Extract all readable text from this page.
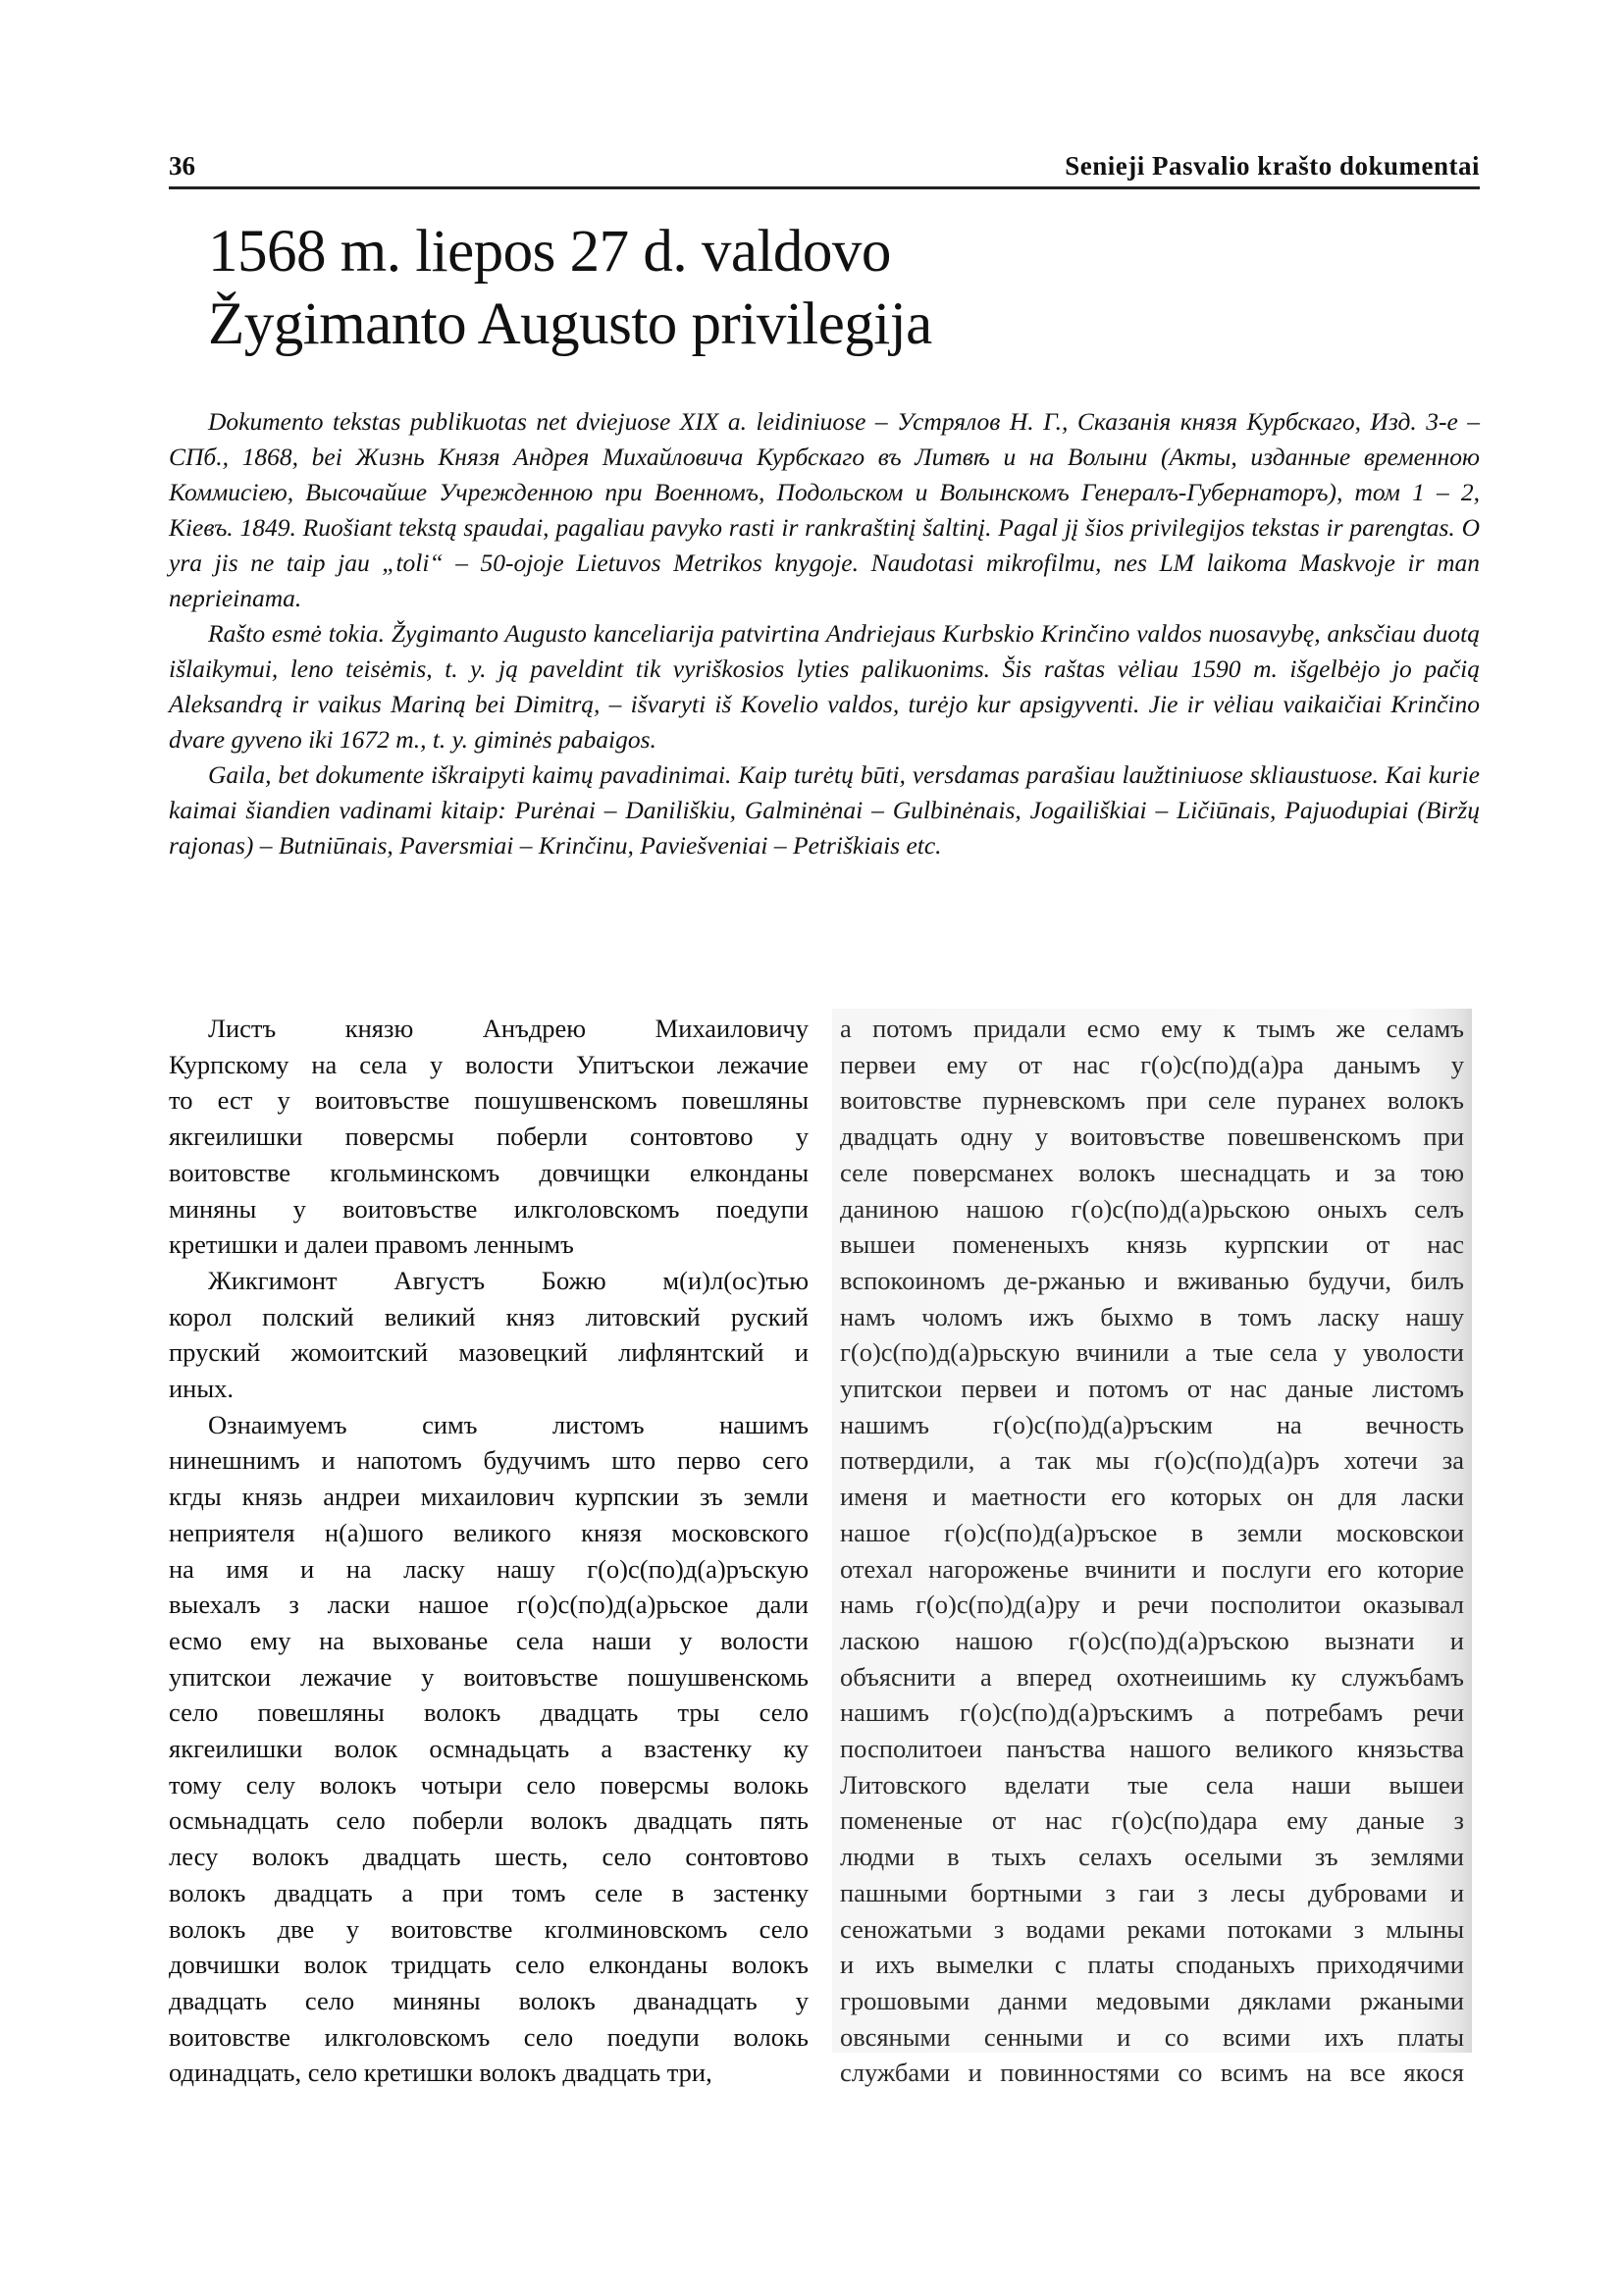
36	Senieji Pasvalio krašto dokumentai
1568 m. liepos 27 d. valdovo
Žygimanto Augusto privilegija

Dokumento tekstas publikuotas net dviejuose XIX a. leidiniuose – Устрялов Н. Г., Сказанія князя Курбскаго, Изд. 3-е – СПб., 1868, bei Жизнь Князя Андрея Михайловича Курбскаго въ Литвѣ и на Волыни (Акты, изданные временною Коммисіею, Высочайше Учрежденною при Военномъ, Подольском и Волынскомъ Генералъ-Губернаторъ), том 1 – 2, Кіевъ. 1849. Ruošiant tekstą spaudai, pagaliau pavyko rasti ir rankraštinį šaltinį. Pagal jį šios privilegijos tekstas ir parengtas. O yra jis ne taip jau „toli“ – 50-ojoje Lietuvos Metrikos knygoje. Naudotasi mikrofilmu, nes LM laikoma Maskvoje ir man neprieinama.

Rašto esmė tokia. Žygimanto Augusto kanceliarija patvirtina Andriejaus Kurbskio Krinčino valdos nuosavybę, anksčiau duotą išlaikymui, leno teisėmis, t. y. ją paveldint tik vyriškosios lyties palikuonims. Šis raštas vėliau 1590 m. išgelbėjo jo pačią Aleksandrą ir vaikus Mariną bei Dimitrą, – išvaryti iš Kovelio valdos, turėjo kur apsigyventi. Jie ir vėliau vaikaičiai Krinčino dvare gyveno iki 1672 m., t. y. giminės pabaigos.

Gaila, bet dokumente iškraipyti kaimų pavadinimai. Kaip turėtų būti, versdamas parašiau laužtiniuose skliaustuose. Kai kurie kaimai šiandien vadinami kitaip: Purėnai – Daniliškiu, Galminėnai – Gulbinėnais, Jogailiškiai – Ličiūnais, Pajuodupiai (Biržų rajonas) – Butniūnais, Paversmiai – Krinčinu, Paviešveniai – Petriškiais etc.

Листъ князю Анъдрею Михаиловичу
Курпскому на села у волости Упитъскои лежачие
то ест у воитовъстве пошушвенскомъ повешляны
якгеилишки поверсмы поберли сонтовтово у
воитовстве кгольминскомъ довчищки елконданы
миняны у воитовъстве илкголовскомъ поедупи
кретишки и далеи правомъ леннымъ

Жикгимонт Августъ Божю м(и)л(ос)тью
корол полский великий княз литовский руский
пруский жомоитский мазовецкий лифлянтский и
иных.

Ознаимуемъ симъ листомъ нашимъ
нинешнимъ и напотомъ будучимъ што перво сего
кгды князь андреи михаилович курпскии зъ земли
неприятеля н(а)шого великого князя московского
на имя и на ласку нашу г(о)с(по)д(а)ръскую
выехалъ з ласки нашое г(о)с(по)д(а)рьское дали
есмо ему на выхованье села наши у волости
упитскои лежачие у воитовъстве пошушвенскомь
село повешляны волокъ двадцать тры село
якгеилишки волок осмнадьцать а взастенку ку
тому селу волокъ чотыри село поверсмы волокь
осмьнадцать село поберли волокъ двадцать пять
лесу волокъ двадцать шесть, село сонтовтово
волокъ двадцать а при томъ селе в застенку
волокъ две у воитовстве кголминовскомъ село
довчишки волок тридцать село елконданы волокъ
двадцать село миняны волокъ дванадцать у
воитовстве илкголовскомъ село поедупи волокь
одинадцать, село кретишки волокъ двадцать три,

а потомъ придали есмо ему к тымъ же селамъ
первеи ему от нас г(о)с(по)д(а)ра данымъ у
воитовстве пурневскомъ при селе пуранех волокъ
двадцать одну у воитовъстве повешвенскомъ при
селе поверсманех волокъ шеснадцать и за тою
данинoю нашою г(о)с(по)д(а)рьскою оныхъ селъ
вышеи помененыхъ князь курпскии от нас
вспокоиномъ де-ржанью и вживанью будучи, билъ
намъ чоломъ ижъ быхмо в томъ ласку нашу
г(о)с(по)д(а)рьскую вчинили а тые села у уволости
упитскои первеи и потомъ от нас даные листомъ
нашимъ г(о)с(по)д(а)ръским на вечность
потвердили, а так мы г(о)с(по)д(а)ръ хотечи за
именя и маетности его которых он для ласки
нашое г(о)с(по)д(а)ръское в земли московскои
отехал нагороженье вчинити и послуги его которие
намь г(о)с(по)д(а)ру и речи посполитои оказывал
ласкою нашою г(о)с(по)д(а)ръскою вызнати и
объяснити а вперед охотнеишимь ку служъбамъ
нашимъ г(о)с(по)д(а)ръскимъ а потребамъ речи
посполитоеи панъства нашого великого князьства
Литовского вделати тые села наши вышеи
помененые от нас г(о)с(по)дара ему даные з
людми в тыхъ селахъ оселыми зъ землями
пашными бортными з гаи з лесы дубровами и
сеножатьми з водами реками потоками з млыны
и ихъ вымелки с платы споданыхъ приходячими
грошовыми данми медовыми дяклами ржаными
овсяными сенными и со всими ихъ платы
службами и повинностями со всимъ на все якося
